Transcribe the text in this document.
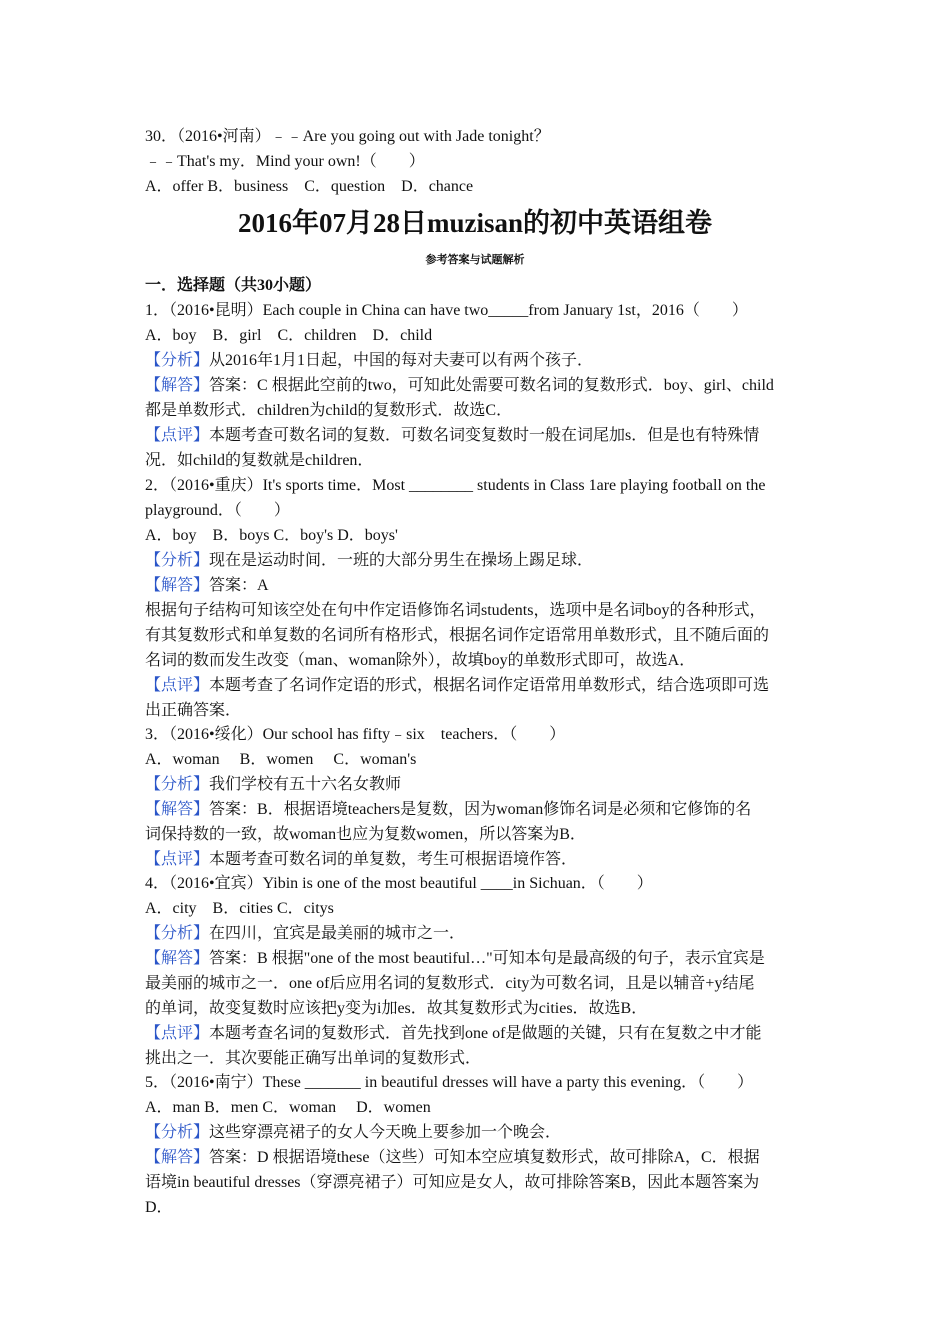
30．（2016•河南）﹣﹣Are you going out with Jade tonight？
﹣﹣That's my．Mind your own!（　　）
A．offer B．business　C．question　D．chance
2016年07月28日muzisan的初中英语组卷
参考答案与试题解析
一．选择题（共30小题）
1．（2016•昆明）Each couple in China can have two_____from January 1st，2016（　　）
A．boy　B．girl　C．children　D．child
【分析】从2016年1月1日起，中国的每对夫妻可以有两个孩子．
【解答】答案：C 根据此空前的two，可知此处需要可数名词的复数形式．boy、girl、child
都是单数形式．children为child的复数形式．故选C．
【点评】本题考查可数名词的复数．可数名词变复数时一般在词尾加s．但是也有特殊情
况．如child的复数就是children．
2．（2016•重庆）It's sports time．Most ________ students in Class 1are playing football on the
playground．（　　）
A．boy　B．boys C．boy's D．boys'
【分析】现在是运动时间．一班的大部分男生在操场上踢足球．
【解答】答案：A
根据句子结构可知该空处在句中作定语修饰名词students，选项中是名词boy的各种形式，
有其复数形式和单复数的名词所有格形式，根据名词作定语常用单数形式，且不随后面的
名词的数而发生改变（man、woman除外），故填boy的单数形式即可，故选A．
【点评】本题考查了名词作定语的形式，根据名词作定语常用单数形式，结合选项即可选
出正确答案．
3．（2016•绥化）Our school has fifty﹣six　teachers．（　　）
A．woman　 B．women　 C．woman's
【分析】我们学校有五十六名女教师
【解答】答案：B．根据语境teachers是复数，因为woman修饰名词是必须和它修饰的名
词保持数的一致，故woman也应为复数women，所以答案为B．
【点评】本题考查可数名词的单复数，考生可根据语境作答．
4．（2016•宜宾）Yibin is one of the most beautiful ____in Sichuan．（　　）
A．city　B．cities C．citys
【分析】在四川，宜宾是最美丽的城市之一．
【解答】答案：B 根据"one of the most beautiful…"可知本句是最高级的句子，表示宜宾是
最美丽的城市之一．one of后应用名词的复数形式．city为可数名词，且是以辅音+y结尾
的单词，故变复数时应该把y变为i加es．故其复数形式为cities．故选B．
【点评】本题考查名词的复数形式．首先找到one of是做题的关键，只有在复数之中才能
挑出之一．其次要能正确写出单词的复数形式．
5．（2016•南宁）These _______ in beautiful dresses will have a party this evening．（　　）
A．man B．men C．woman　 D．women
【分析】这些穿漂亮裙子的女人今天晚上要参加一个晚会．
【解答】答案：D 根据语境these（这些）可知本空应填复数形式，故可排除A，C．根据
语境in beautiful dresses（穿漂亮裙子）可知应是女人，故可排除答案B，因此本题答案为
D．
